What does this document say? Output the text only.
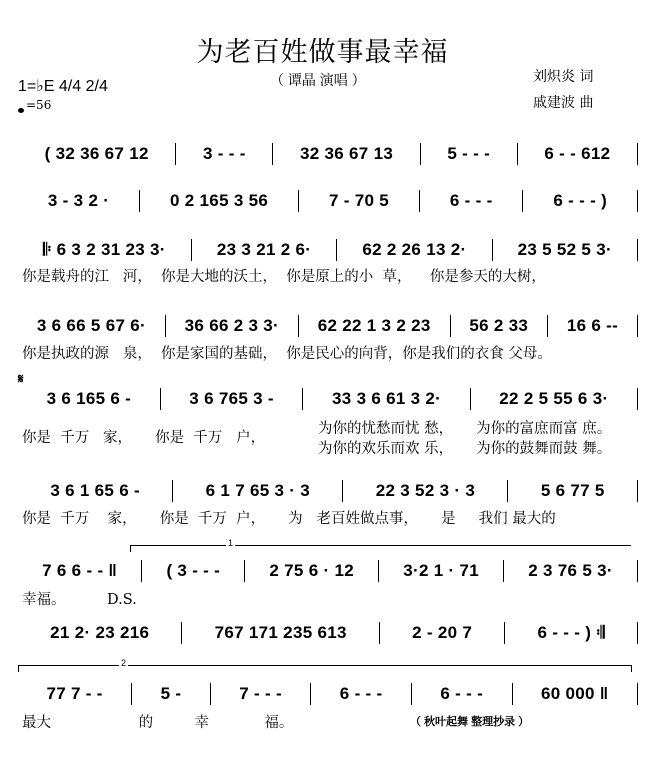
为老百姓做事最幸福
（ 谭晶 演唱 ）	刘炽炎 词
戚建波 曲
1=♭E 4/4 2/4
=56
( 32 36 67 12	3 - - -	32 36 67 13	5 - - -	6 - - 612
3 - 3 2 ·	0 2 165 3 56	7 - 70 5	6 - - -	6 - - - )
𝄆 6 3 2 31 23 3·	23 3 21 2 6·	62 2 26 13 2·	23 5 52 5 3·
你是载舟的江   河，  你是大地的沃土，  你是原上的小  草，    你是参天的大树，
3 6 66 5 67 6·	36 66 2 3 3·	62 22 1 3 2 23	56 2 33	16 6 --
你是执政的源   泉，  你是家国的基础，  你是民心的向背，你是我们的衣食 父母。
3 6 165 6 -	3 6 765 3 -	33 3 6 61 3 2·	22 2 5 55 6 3·
你是  千万   家，     你是  千万   户，
为你的忧愁而忧 愁，     为你的富庶而富 庶。
为你的欢乐而欢 乐，     为你的鼓舞而鼓 舞。
3 6 1 65 6 -	6 1 7 65 3 · 3	22 3 52 3 · 3	5 6 77 5
你是  千万    家，     你是  千万  户，     为   老百姓做点事，     是     我们 最大的
7 6 6 - - ‖	( 3 - - -	2 75 6 · 12	3·2 1 · 71	2 3 76 5 3·
幸福。         D.S.
21 2· 23 216	767 171 235 613	2 - 20 7	6 - - - ) 𝄇
77 7 - -	5 -	7 - - -	6 - - -	6 - - -	60 000 ‖
最大                   的         幸            福。
𝄋
1
2
（ 秋叶起舞 整理抄录 ）
